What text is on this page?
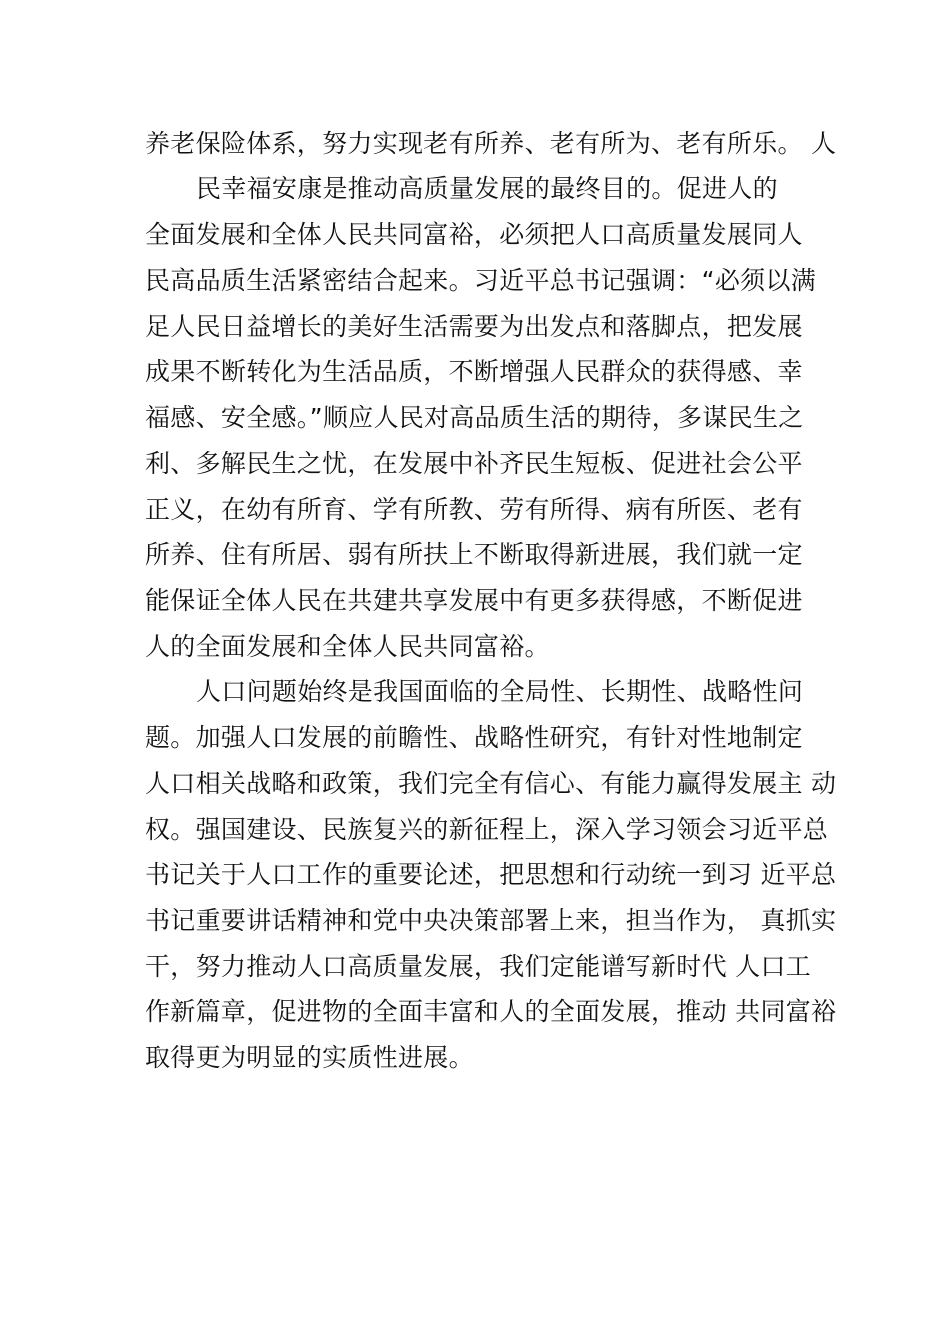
养老保险体系，努力实现老有所养、老有所为、老有所乐。 人
民幸福安康是推动高质量发展的最终目的。促进人的
全面发展和全体人民共同富裕，必须把人口高质量发展同人
民高品质生活紧密结合起来。习近平总书记强调：“必须以满
足人民日益增长的美好生活需要为出发点和落脚点，把发展
成果不断转化为生活品质，不断增强人民群众的获得感、幸
福感、安全感。”顺应人民对高品质生活的期待，多谋民生之
利、多解民生之忧，在发展中补齐民生短板、促进社会公平
正义，在幼有所育、学有所教、劳有所得、病有所医、老有
所养、住有所居、弱有所扶上不断取得新进展，我们就一定
能保证全体人民在共建共享发展中有更多获得感，不断促进
人的全面发展和全体人民共同富裕。
人口问题始终是我国面临的全局性、长期性、战略性问
题。加强人口发展的前瞻性、战略性研究，有针对性地制定
人口相关战略和政策，我们完全有信心、有能力赢得发展主 动
权。强国建设、民族复兴的新征程上，深入学习领会习近平总
书记关于人口工作的重要论述，把思想和行动统一到习 近平总
书记重要讲话精神和党中央决策部署上来，担当作为， 真抓实
干，努力推动人口高质量发展，我们定能谱写新时代 人口工
作新篇章，促进物的全面丰富和人的全面发展，推动 共同富裕
取得更为明显的实质性进展。
